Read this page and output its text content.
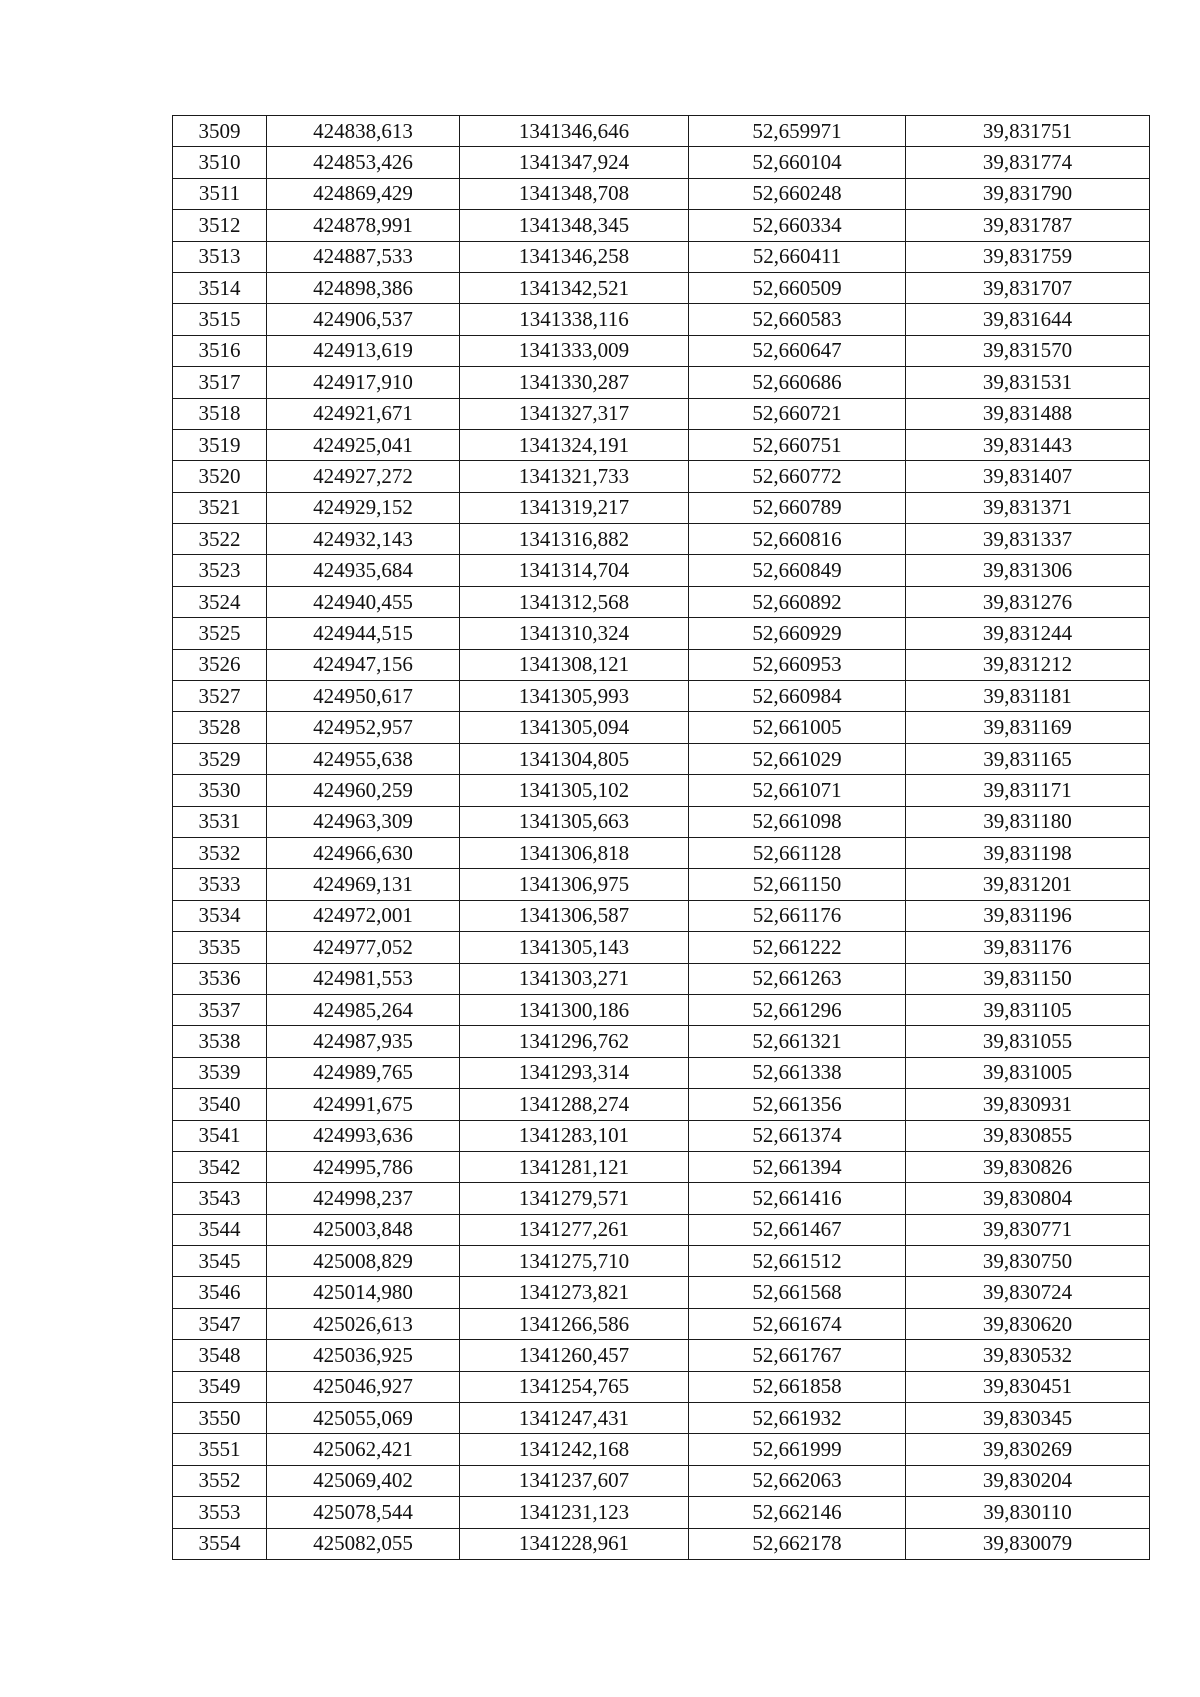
3509	424838,613	1341346,646	52,659971	39,831751
3510	424853,426	1341347,924	52,660104	39,831774
3511	424869,429	1341348,708	52,660248	39,831790
3512	424878,991	1341348,345	52,660334	39,831787
3513	424887,533	1341346,258	52,660411	39,831759
3514	424898,386	1341342,521	52,660509	39,831707
3515	424906,537	1341338,116	52,660583	39,831644
3516	424913,619	1341333,009	52,660647	39,831570
3517	424917,910	1341330,287	52,660686	39,831531
3518	424921,671	1341327,317	52,660721	39,831488
3519	424925,041	1341324,191	52,660751	39,831443
3520	424927,272	1341321,733	52,660772	39,831407
3521	424929,152	1341319,217	52,660789	39,831371
3522	424932,143	1341316,882	52,660816	39,831337
3523	424935,684	1341314,704	52,660849	39,831306
3524	424940,455	1341312,568	52,660892	39,831276
3525	424944,515	1341310,324	52,660929	39,831244
3526	424947,156	1341308,121	52,660953	39,831212
3527	424950,617	1341305,993	52,660984	39,831181
3528	424952,957	1341305,094	52,661005	39,831169
3529	424955,638	1341304,805	52,661029	39,831165
3530	424960,259	1341305,102	52,661071	39,831171
3531	424963,309	1341305,663	52,661098	39,831180
3532	424966,630	1341306,818	52,661128	39,831198
3533	424969,131	1341306,975	52,661150	39,831201
3534	424972,001	1341306,587	52,661176	39,831196
3535	424977,052	1341305,143	52,661222	39,831176
3536	424981,553	1341303,271	52,661263	39,831150
3537	424985,264	1341300,186	52,661296	39,831105
3538	424987,935	1341296,762	52,661321	39,831055
3539	424989,765	1341293,314	52,661338	39,831005
3540	424991,675	1341288,274	52,661356	39,830931
3541	424993,636	1341283,101	52,661374	39,830855
3542	424995,786	1341281,121	52,661394	39,830826
3543	424998,237	1341279,571	52,661416	39,830804
3544	425003,848	1341277,261	52,661467	39,830771
3545	425008,829	1341275,710	52,661512	39,830750
3546	425014,980	1341273,821	52,661568	39,830724
3547	425026,613	1341266,586	52,661674	39,830620
3548	425036,925	1341260,457	52,661767	39,830532
3549	425046,927	1341254,765	52,661858	39,830451
3550	425055,069	1341247,431	52,661932	39,830345
3551	425062,421	1341242,168	52,661999	39,830269
3552	425069,402	1341237,607	52,662063	39,830204
3553	425078,544	1341231,123	52,662146	39,830110
3554	425082,055	1341228,961	52,662178	39,830079
